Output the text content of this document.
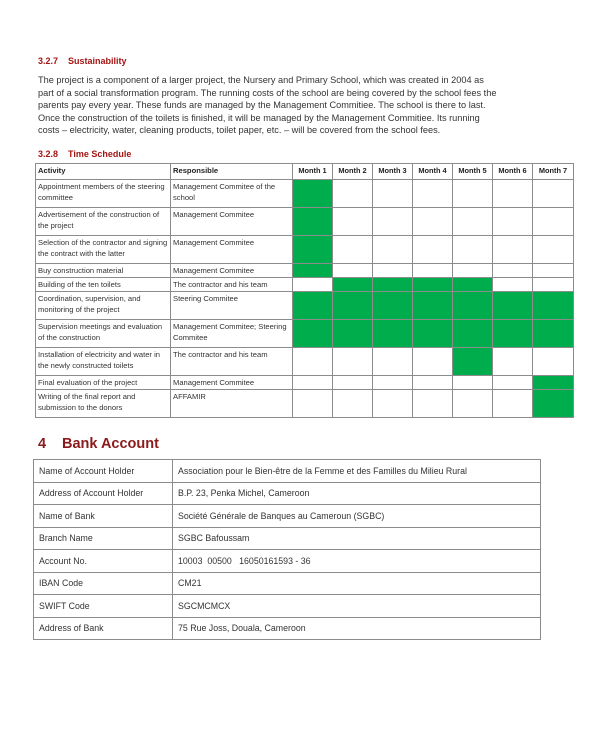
3.2.7 Sustainability
The project is a component of a larger project, the Nursery and Primary School, which was created in 2004 as
part of a social transformation program. The running costs of the school are being covered by the school fees the
parents pay every year. These funds are managed by the Management Commitiee. The school is there to last.
Once the construction of the toilets is finished, it will be managed by the Management Commitiee. Its running
costs – electricity, water, cleaning products, toilet paper, etc. – will be covered from the school fees.
3.2.8 Time Schedule
Activity	Responsible	Month 1	Month 2	Month 3	Month 4	Month 5	Month 6	Month 7
Appointment members of the steering committee	Management Commitee of the school							
Advertisement of the construction of the project	Management Commitee							
Selection of the contractor and signing the contract with the latter	Management Commitee							
Buy construction material	Management Commitee							
Building of the ten toilets	The contractor and his team							
Coordination, supervision, and monitoring of the project	Steering Commitee							
Supervision meetings and evaluation of the construction	Management Commitee; Steering Commitee							
Installation of electricity and water in the newly constructed toilets	The contractor and his team							
Final evaluation of the project	Management Commitee							
Writing of the final report and submission to the donors	AFFAMIR							
4 Bank Account
Name of Account Holder	Association pour le Bien-être de la Femme et des Familles du Milieu Rural
Address of Account Holder	B.P. 23, Penka Michel, Cameroon
Name of Bank	Société Générale de Banques au Cameroun (SGBC)
Branch Name	SGBC Bafoussam
Account No.	10003  00500   16050161593 - 36
IBAN Code	CM21
SWIFT Code	SGCMCMCX
Address of Bank	75 Rue Joss, Douala, Cameroon
